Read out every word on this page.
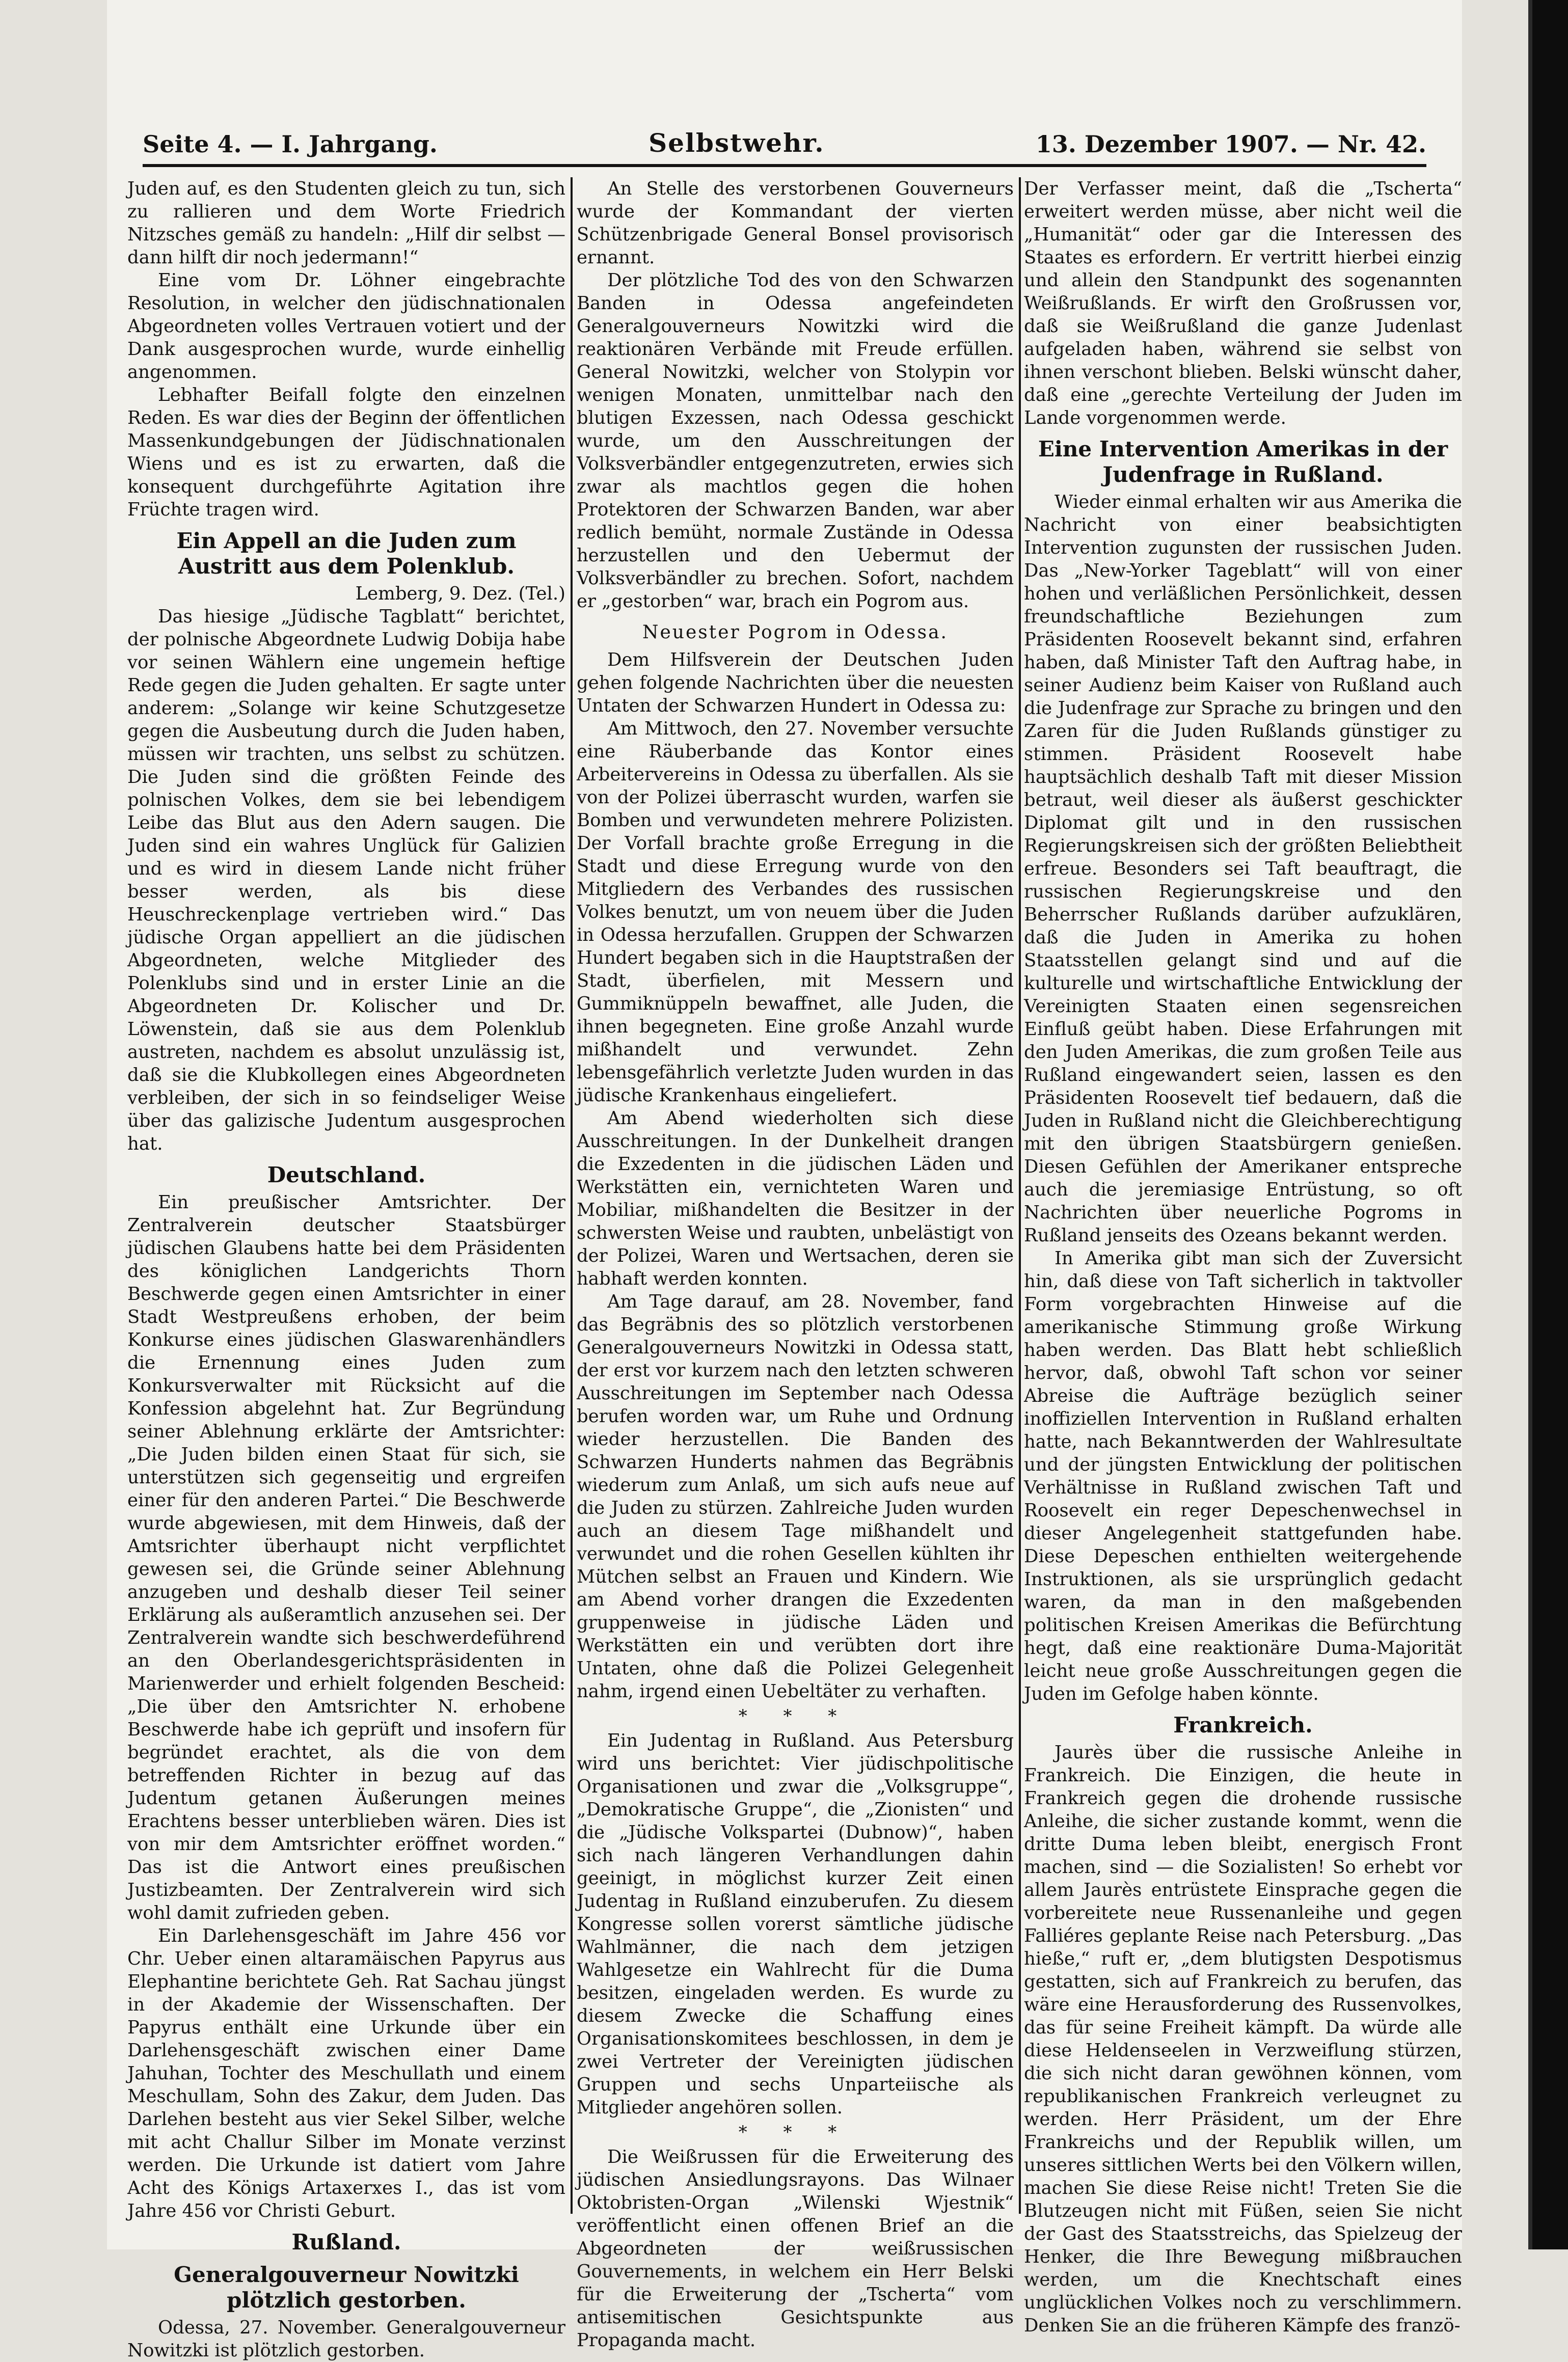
Seite 4. — I. Jahrgang.	Selbstwehr.	13. Dezember 1907. — Nr. 42.

Juden auf, es den Studenten gleich zu tun, sich zu rallieren und dem Worte Friedrich Nitzsches gemäß zu handeln: „Hilf dir selbst — dann hilft dir noch jedermann!“

Eine vom Dr. Löhner eingebrachte Resolution, in welcher den jüdischnationalen Abgeordneten volles Vertrauen votiert und der Dank ausgesprochen wurde, wurde einhellig angenommen.

Lebhafter Beifall folgte den einzelnen Reden. Es war dies der Beginn der öffentlichen Massenkundgebungen der Jüdischnationalen Wiens und es ist zu erwarten, daß die konsequent durchgeführte Agitation ihre Früchte tragen wird.

Ein Appell an die Juden zum Austritt aus dem Polenklub.

Lemberg, 9. Dez. (Tel.)

Das hiesige „Jüdische Tagblatt“ berichtet, der polnische Abgeordnete Ludwig Dobija habe vor seinen Wählern eine ungemein heftige Rede gegen die Juden gehalten. Er sagte unter anderem: „Solange wir keine Schutzgesetze gegen die Ausbeutung durch die Juden haben, müssen wir trachten, uns selbst zu schützen. Die Juden sind die größten Feinde des polnischen Volkes, dem sie bei lebendigem Leibe das Blut aus den Adern saugen. Die Juden sind ein wahres Unglück für Galizien und es wird in diesem Lande nicht früher besser werden, als bis diese Heuschreckenplage vertrieben wird.“ Das jüdische Organ appelliert an die jüdischen Abgeordneten, welche Mitglieder des Polenklubs sind und in erster Linie an die Abgeordneten Dr. Kolischer und Dr. Löwenstein, daß sie aus dem Polenklub austreten, nachdem es absolut unzulässig ist, daß sie die Klubkollegen eines Abgeordneten verbleiben, der sich in so feindseliger Weise über das galizische Judentum ausgesprochen hat.

Deutschland.

Ein preußischer Amtsrichter. Der Zentralverein deutscher Staatsbürger jüdischen Glaubens hatte bei dem Präsidenten des königlichen Landgerichts Thorn Beschwerde gegen einen Amtsrichter in einer Stadt Westpreußens erhoben, der beim Konkurse eines jüdischen Glaswarenhändlers die Ernennung eines Juden zum Konkursverwalter mit Rücksicht auf die Konfession abgelehnt hat. Zur Begründung seiner Ablehnung erklärte der Amtsrichter: „Die Juden bilden einen Staat für sich, sie unterstützen sich gegenseitig und ergreifen einer für den anderen Partei.“ Die Beschwerde wurde abgewiesen, mit dem Hinweis, daß der Amtsrichter überhaupt nicht verpflichtet gewesen sei, die Gründe seiner Ablehnung anzugeben und deshalb dieser Teil seiner Erklärung als außeramtlich anzusehen sei. Der Zentralverein wandte sich beschwerdeführend an den Oberlandesgerichtspräsidenten in Marienwerder und erhielt folgenden Bescheid: „Die über den Amtsrichter N. erhobene Beschwerde habe ich geprüft und insofern für begründet erachtet, als die von dem betreffenden Richter in bezug auf das Judentum getanen Äußerungen meines Erachtens besser unterblieben wären. Dies ist von mir dem Amtsrichter eröffnet worden.“ Das ist die Antwort eines preußischen Justizbeamten. Der Zentralverein wird sich wohl damit zufrieden geben.

Ein Darlehensgeschäft im Jahre 456 vor Chr. Ueber einen altaramäischen Papyrus aus Elephantine berichtete Geh. Rat Sachau jüngst in der Akademie der Wissenschaften. Der Papyrus enthält eine Urkunde über ein Darlehensgeschäft zwischen einer Dame Jahuhan, Tochter des Meschullath und einem Meschullam, Sohn des Zakur, dem Juden. Das Darlehen besteht aus vier Sekel Silber, welche mit acht Challur Silber im Monate verzinst werden. Die Urkunde ist datiert vom Jahre Acht des Königs Artaxerxes I., das ist vom Jahre 456 vor Christi Geburt.

Rußland.
Generalgouverneur Nowitzki plötzlich gestorben.

Odessa, 27. November. Generalgouverneur Nowitzki ist plötzlich gestorben.

An Stelle des verstorbenen Gouverneurs wurde der Kommandant der vierten Schützenbrigade General Bonsel provisorisch ernannt.

Der plötzliche Tod des von den Schwarzen Banden in Odessa angefeindeten Generalgouverneurs Nowitzki wird die reaktionären Verbände mit Freude erfüllen. General Nowitzki, welcher von Stolypin vor wenigen Monaten, unmittelbar nach den blutigen Exzessen, nach Odessa geschickt wurde, um den Ausschreitungen der Volksverbändler entgegenzutreten, erwies sich zwar als machtlos gegen die hohen Protektoren der Schwarzen Banden, war aber redlich bemüht, normale Zustände in Odessa herzustellen und den Uebermut der Volksverbändler zu brechen. Sofort, nachdem er „gestorben“ war, brach ein Pogrom aus.

Neuester Pogrom in Odessa.

Dem Hilfsverein der Deutschen Juden gehen folgende Nachrichten über die neuesten Untaten der Schwarzen Hundert in Odessa zu:

Am Mittwoch, den 27. November versuchte eine Räuberbande das Kontor eines Arbeitervereins in Odessa zu überfallen. Als sie von der Polizei überrascht wurden, warfen sie Bomben und verwundeten mehrere Polizisten. Der Vorfall brachte große Erregung in die Stadt und diese Erregung wurde von den Mitgliedern des Verbandes des russischen Volkes benutzt, um von neuem über die Juden in Odessa herzufallen. Gruppen der Schwarzen Hundert begaben sich in die Hauptstraßen der Stadt, überfielen, mit Messern und Gummiknüppeln bewaffnet, alle Juden, die ihnen begegneten. Eine große Anzahl wurde mißhandelt und verwundet. Zehn lebensgefährlich verletzte Juden wurden in das jüdische Krankenhaus eingeliefert.

Am Abend wiederholten sich diese Ausschreitungen. In der Dunkelheit drangen die Exzedenten in die jüdischen Läden und Werkstätten ein, vernichteten Waren und Mobiliar, mißhandelten die Besitzer in der schwersten Weise und raubten, unbelästigt von der Polizei, Waren und Wertsachen, deren sie habhaft werden konnten.

Am Tage darauf, am 28. November, fand das Begräbnis des so plötzlich verstorbenen Generalgouverneurs Nowitzki in Odessa statt, der erst vor kurzem nach den letzten schweren Ausschreitungen im September nach Odessa berufen worden war, um Ruhe und Ordnung wieder herzustellen. Die Banden des Schwarzen Hunderts nahmen das Begräbnis wiederum zum Anlaß, um sich aufs neue auf die Juden zu stürzen. Zahlreiche Juden wurden auch an diesem Tage mißhandelt und verwundet und die rohen Gesellen kühlten ihr Mütchen selbst an Frauen und Kindern. Wie am Abend vorher drangen die Exzedenten gruppenweise in jüdische Läden und Werkstätten ein und verübten dort ihre Untaten, ohne daß die Polizei Gelegenheit nahm, irgend einen Uebeltäter zu verhaften.

* * *

Ein Judentag in Rußland. Aus Petersburg wird uns berichtet: Vier jüdischpolitische Organisationen und zwar die „Volksgruppe“, „Demokratische Gruppe“, die „Zionisten“ und die „Jüdische Volkspartei (Dubnow)“, haben sich nach längeren Verhandlungen dahin geeinigt, in möglichst kurzer Zeit einen Judentag in Rußland einzuberufen. Zu diesem Kongresse sollen vorerst sämtliche jüdische Wahlmänner, die nach dem jetzigen Wahlgesetze ein Wahlrecht für die Duma besitzen, eingeladen werden. Es wurde zu diesem Zwecke die Schaffung eines Organisationskomitees beschlossen, in dem je zwei Vertreter der Vereinigten jüdischen Gruppen und sechs Unparteiische als Mitglieder angehören sollen.

* * *

Die Weißrussen für die Erweiterung des jüdischen Ansiedlungsrayons. Das Wilnaer Oktobristen-Organ „Wilenski Wjestnik“ veröffentlicht einen offenen Brief an die Abgeordneten der weißrussischen Gouvernements, in welchem ein Herr Belski für die Erweiterung der „Tscherta“ vom antisemitischen Gesichtspunkte aus Propaganda macht.

Der Verfasser meint, daß die „Tscherta“ erweitert werden müsse, aber nicht weil die „Humanität“ oder gar die Interessen des Staates es erfordern. Er vertritt hierbei einzig und allein den Standpunkt des sogenannten Weißrußlands. Er wirft den Großrussen vor, daß sie Weißrußland die ganze Judenlast aufgeladen haben, während sie selbst von ihnen verschont blieben. Belski wünscht daher, daß eine „gerechte Verteilung der Juden im Lande vorgenommen werde.

Eine Intervention Amerikas in der Judenfrage in Rußland.

Wieder einmal erhalten wir aus Amerika die Nachricht von einer beabsichtigten Intervention zugunsten der russischen Juden. Das „New-Yorker Tageblatt“ will von einer hohen und verläßlichen Persönlichkeit, dessen freundschaftliche Beziehungen zum Präsidenten Roosevelt bekannt sind, erfahren haben, daß Minister Taft den Auftrag habe, in seiner Audienz beim Kaiser von Rußland auch die Judenfrage zur Sprache zu bringen und den Zaren für die Juden Rußlands günstiger zu stimmen. Präsident Roosevelt habe hauptsächlich deshalb Taft mit dieser Mission betraut, weil dieser als äußerst geschickter Diplomat gilt und in den russischen Regierungskreisen sich der größten Beliebtheit erfreue. Besonders sei Taft beauftragt, die russischen Regierungskreise und den Beherrscher Rußlands darüber aufzuklären, daß die Juden in Amerika zu hohen Staatsstellen gelangt sind und auf die kulturelle und wirtschaftliche Entwicklung der Vereinigten Staaten einen segensreichen Einfluß geübt haben. Diese Erfahrungen mit den Juden Amerikas, die zum großen Teile aus Rußland eingewandert seien, lassen es den Präsidenten Roosevelt tief bedauern, daß die Juden in Rußland nicht die Gleichberechtigung mit den übrigen Staatsbürgern genießen. Diesen Gefühlen der Amerikaner entspreche auch die jeremiasige Entrüstung, so oft Nachrichten über neuerliche Pogroms in Rußland jenseits des Ozeans bekannt werden.

In Amerika gibt man sich der Zuversicht hin, daß diese von Taft sicherlich in taktvoller Form vorgebrachten Hinweise auf die amerikanische Stimmung große Wirkung haben werden. Das Blatt hebt schließlich hervor, daß, obwohl Taft schon vor seiner Abreise die Aufträge bezüglich seiner inoffiziellen Intervention in Rußland erhalten hatte, nach Bekanntwerden der Wahlresultate und der jüngsten Entwicklung der politischen Verhältnisse in Rußland zwischen Taft und Roosevelt ein reger Depeschenwechsel in dieser Angelegenheit stattgefunden habe. Diese Depeschen enthielten weitergehende Instruktionen, als sie ursprünglich gedacht waren, da man in den maßgebenden politischen Kreisen Amerikas die Befürchtung hegt, daß eine reaktionäre Duma-Majorität leicht neue große Ausschreitungen gegen die Juden im Gefolge haben könnte.

Frankreich.

Jaurès über die russische Anleihe in Frankreich. Die Einzigen, die heute in Frankreich gegen die drohende russische Anleihe, die sicher zustande kommt, wenn die dritte Duma leben bleibt, energisch Front machen, sind — die Sozialisten! So erhebt vor allem Jaurès entrüstete Einsprache gegen die vorbereitete neue Russenanleihe und gegen Falliéres geplante Reise nach Petersburg. „Das hieße,“ ruft er, „dem blutigsten Despotismus gestatten, sich auf Frankreich zu berufen, das wäre eine Herausforderung des Russenvolkes, das für seine Freiheit kämpft. Da würde alle diese Heldenseelen in Verzweiflung stürzen, die sich nicht daran gewöhnen können, vom republikanischen Frankreich verleugnet zu werden. Herr Präsident, um der Ehre Frankreichs und der Republik willen, um unseres sittlichen Werts bei den Völkern willen, machen Sie diese Reise nicht! Treten Sie die Blutzeugen nicht mit Füßen, seien Sie nicht der Gast des Staatsstreichs, das Spielzeug der Henker, die Ihre Bewegung mißbrauchen werden, um die Knechtschaft eines unglücklichen Volkes noch zu verschlimmern. Denken Sie an die früheren Kämpfe des franzö-
